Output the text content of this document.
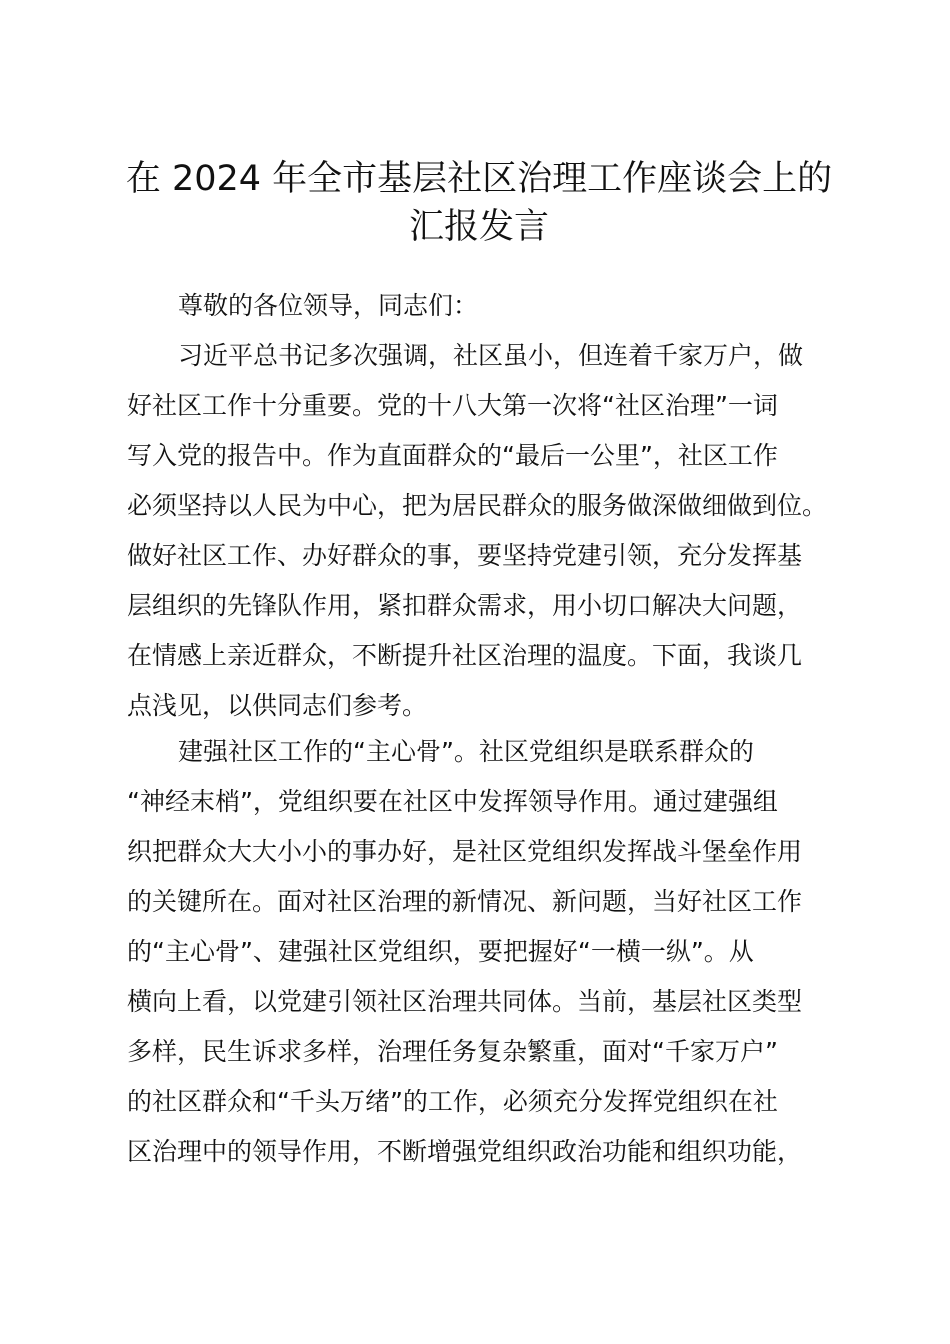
在 2024 年全市基层社区治理工作座谈会上的
汇报发言

尊敬的各位领导，同志们：

习近平总书记多次强调，社区虽小，但连着千家万户，做

好社区工作十分重要。党的十八大第一次将“社区治理”一词

写入党的报告中。作为直面群众的“最后一公里”，社区工作

必须坚持以人民为中心，把为居民群众的服务做深做细做到位。

做好社区工作、办好群众的事，要坚持党建引领，充分发挥基

层组织的先锋队作用，紧扣群众需求，用小切口解决大问题，

在情感上亲近群众，不断提升社区治理的温度。下面，我谈几

点浅见，以供同志们参考。

建强社区工作的“主心骨”。社区党组织是联系群众的

“神经末梢”，党组织要在社区中发挥领导作用。通过建强组

织把群众大大小小的事办好，是社区党组织发挥战斗堡垒作用

的关键所在。面对社区治理的新情况、新问题，当好社区工作

的“主心骨”、建强社区党组织，要把握好“一横一纵”。从

横向上看，以党建引领社区治理共同体。当前，基层社区类型

多样，民生诉求多样，治理任务复杂繁重，面对“千家万户”

的社区群众和“千头万绪”的工作，必须充分发挥党组织在社

区治理中的领导作用，不断增强党组织政治功能和组织功能，
